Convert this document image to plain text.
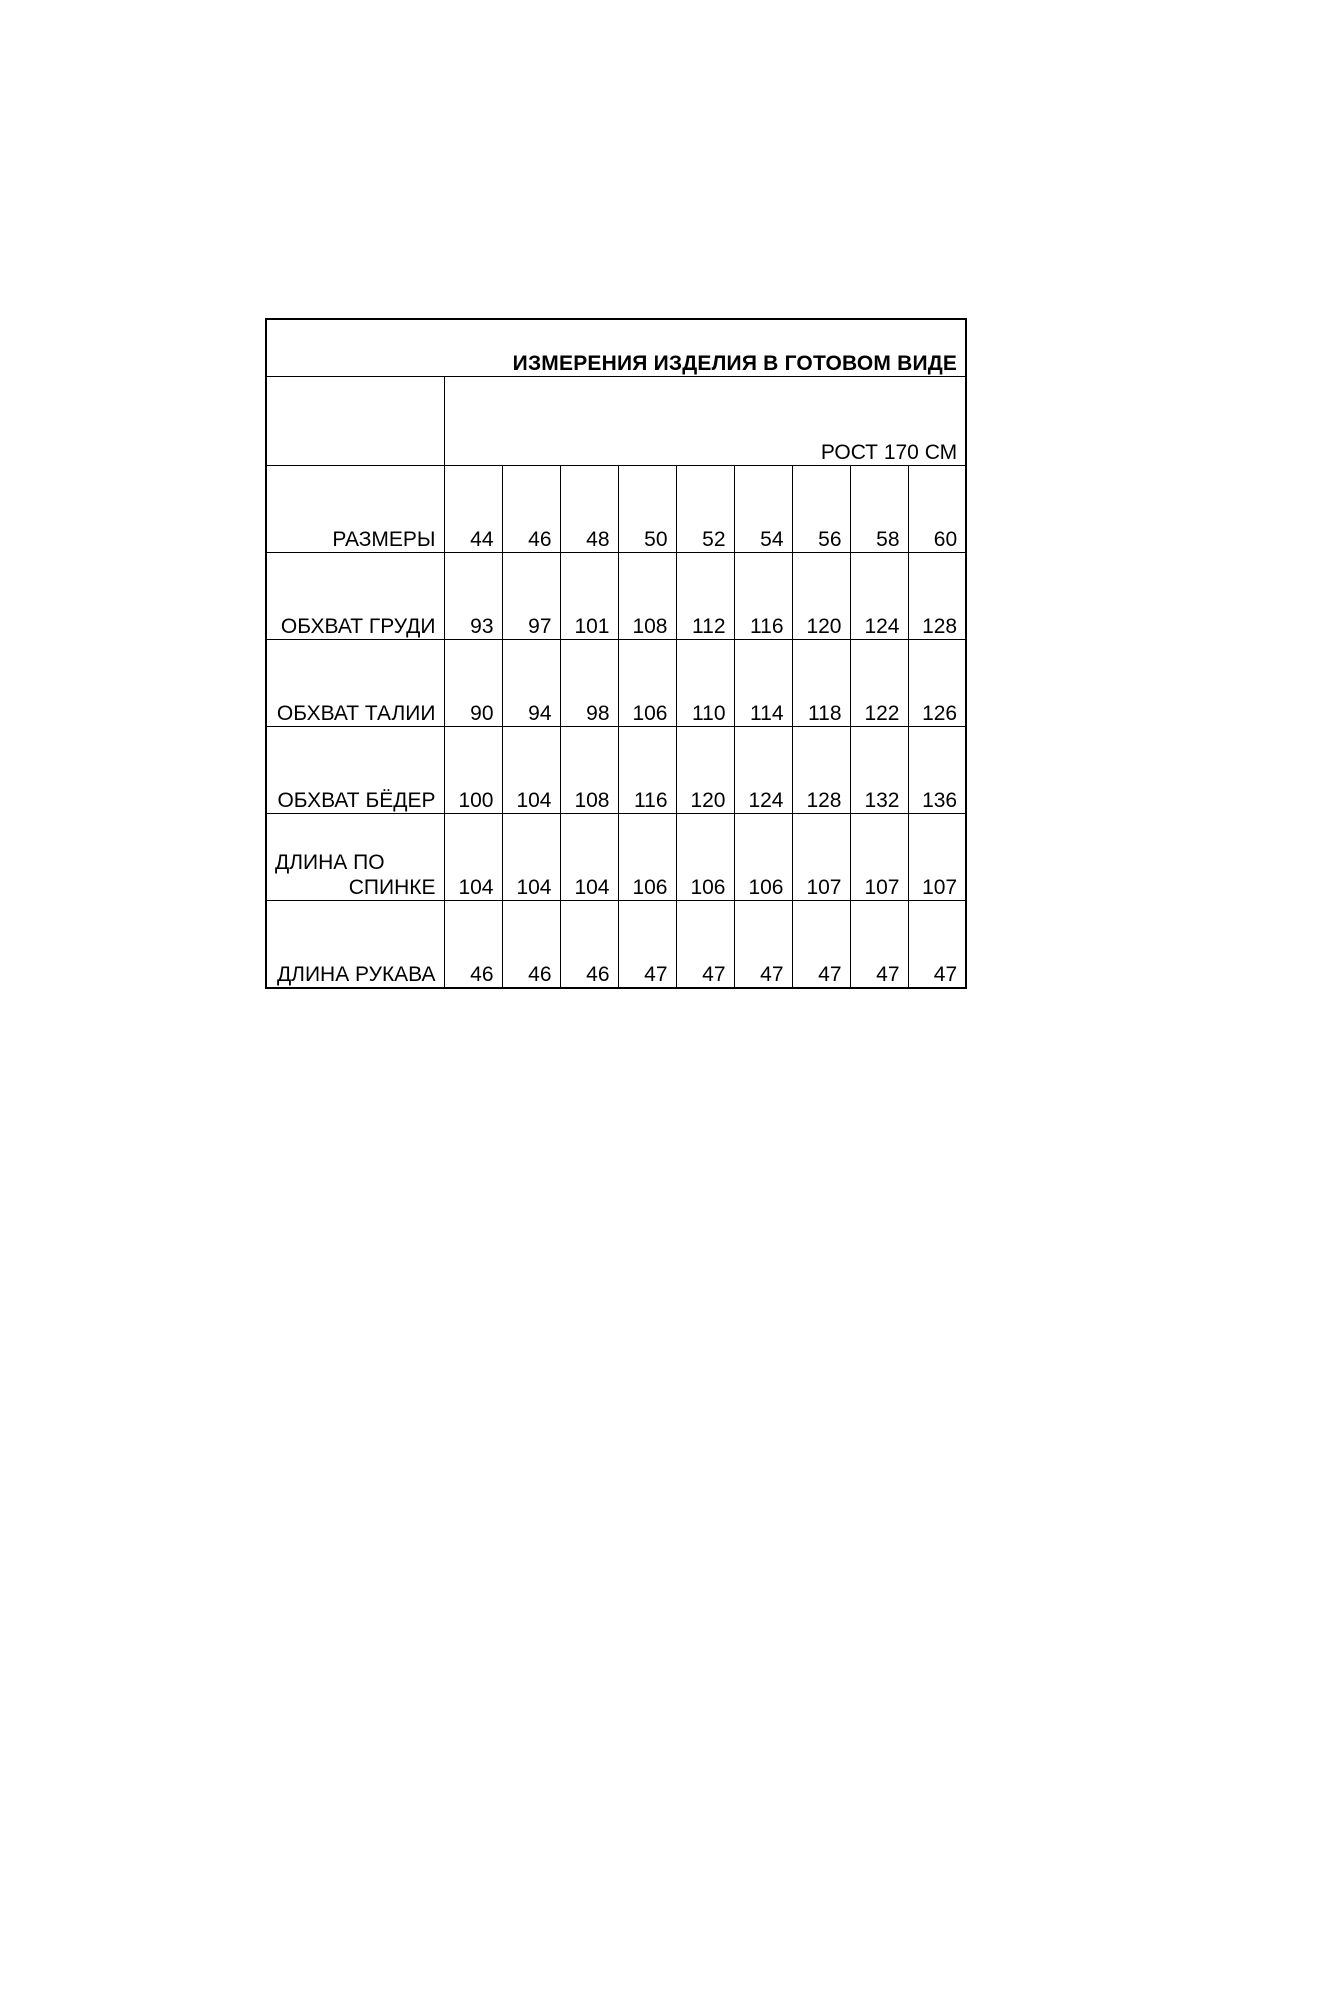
ИЗМЕРЕНИЯ ИЗДЕЛИЯ В ГОТОВОМ ВИДЕ									
	РОСТ 170 СМ								
РАЗМЕРЫ	44	46	48	50	52	54	56	58	60
ОБХВАТ ГРУДИ	93	97	101	108	112	116	120	124	128
ОБХВАТ ТАЛИИ	90	94	98	106	110	114	118	122	126
ОБХВАТ БЁДЕР	100	104	108	116	120	124	128	132	136

ДЛИНА ПО
СПИНКЕ	104	104	104	106	106	106	107	107	107
ДЛИНА РУКАВА	46	46	46	47	47	47	47	47	47
